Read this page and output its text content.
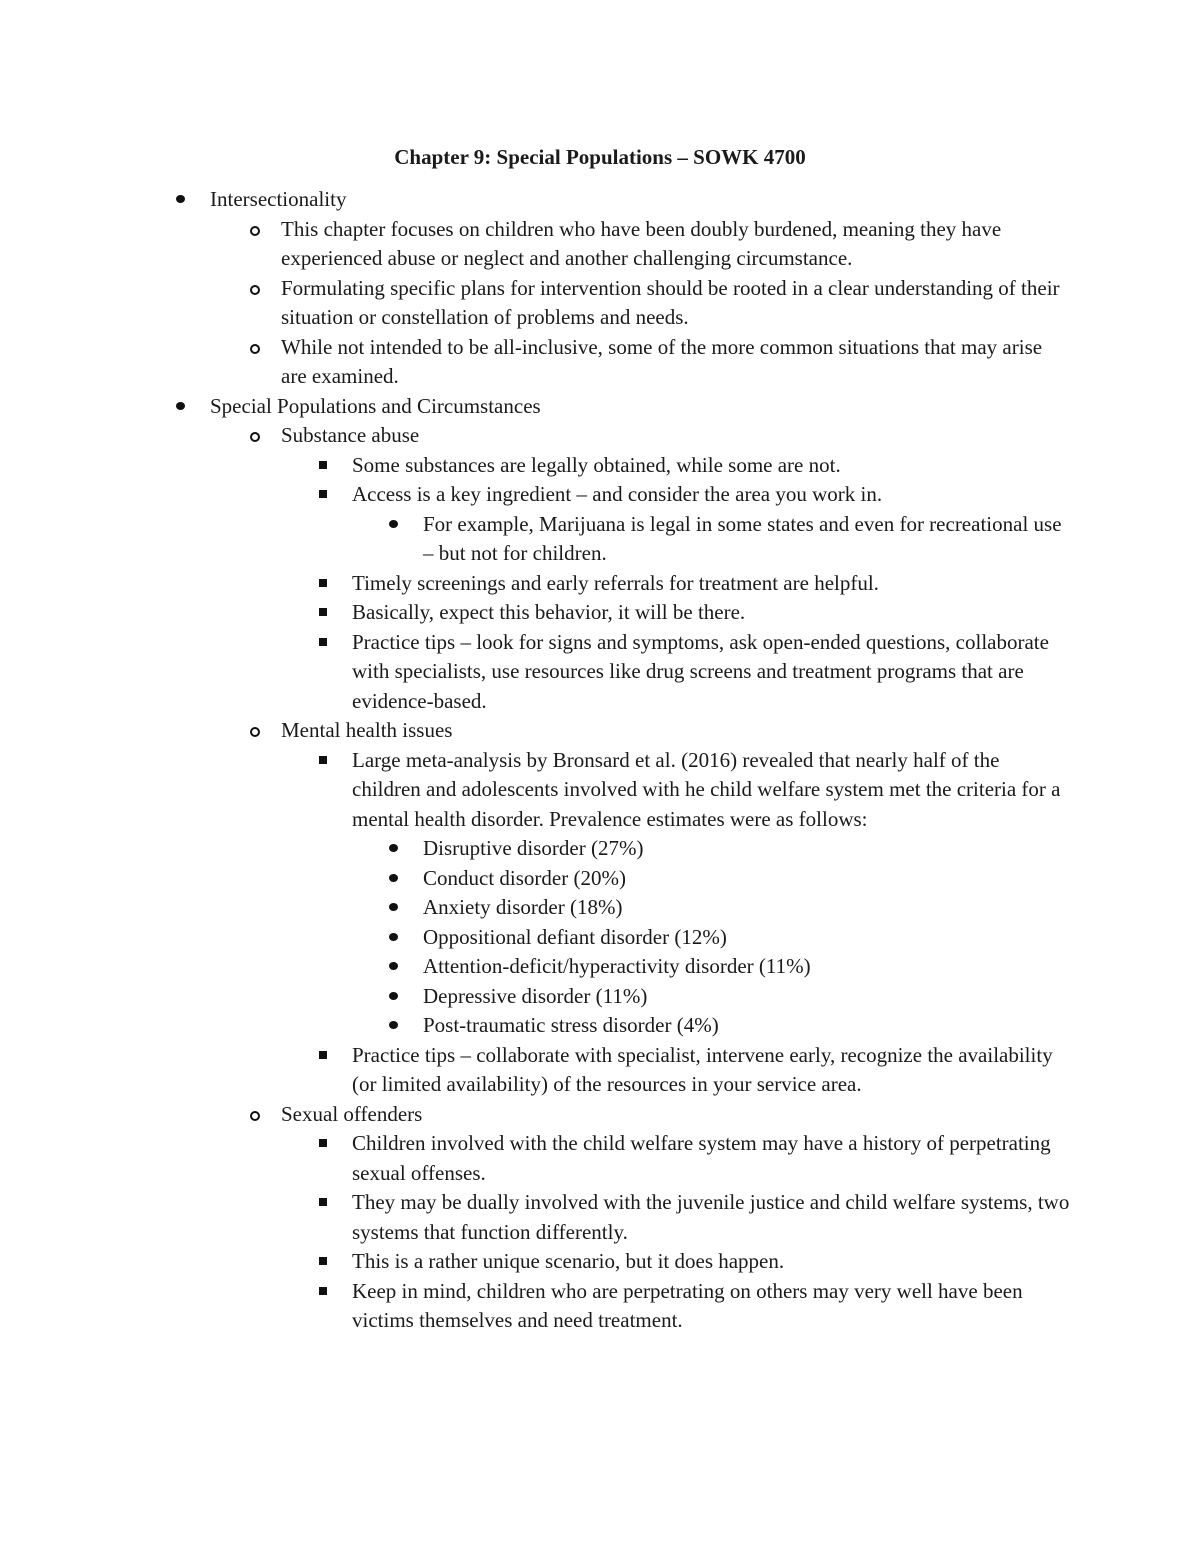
Chapter 9: Special Populations – SOWK 4700
Intersectionality
This chapter focuses on children who have been doubly burdened, meaning they have experienced abuse or neglect and another challenging circumstance.
Formulating specific plans for intervention should be rooted in a clear understanding of their situation or constellation of problems and needs.
While not intended to be all-inclusive, some of the more common situations that may arise are examined.
Special Populations and Circumstances
Substance abuse
Some substances are legally obtained, while some are not.
Access is a key ingredient – and consider the area you work in.
For example, Marijuana is legal in some states and even for recreational use – but not for children.
Timely screenings and early referrals for treatment are helpful.
Basically, expect this behavior, it will be there.
Practice tips – look for signs and symptoms, ask open-ended questions, collaborate with specialists, use resources like drug screens and treatment programs that are evidence-based.
Mental health issues
Large meta-analysis by Bronsard et al. (2016) revealed that nearly half of the children and adolescents involved with he child welfare system met the criteria for a mental health disorder. Prevalence estimates were as follows:
Disruptive disorder (27%)
Conduct disorder (20%)
Anxiety disorder (18%)
Oppositional defiant disorder (12%)
Attention-deficit/hyperactivity disorder (11%)
Depressive disorder (11%)
Post-traumatic stress disorder (4%)
Practice tips – collaborate with specialist, intervene early, recognize the availability (or limited availability) of the resources in your service area.
Sexual offenders
Children involved with the child welfare system may have a history of perpetrating sexual offenses.
They may be dually involved with the juvenile justice and child welfare systems, two systems that function differently.
This is a rather unique scenario, but it does happen.
Keep in mind, children who are perpetrating on others may very well have been victims themselves and need treatment.
